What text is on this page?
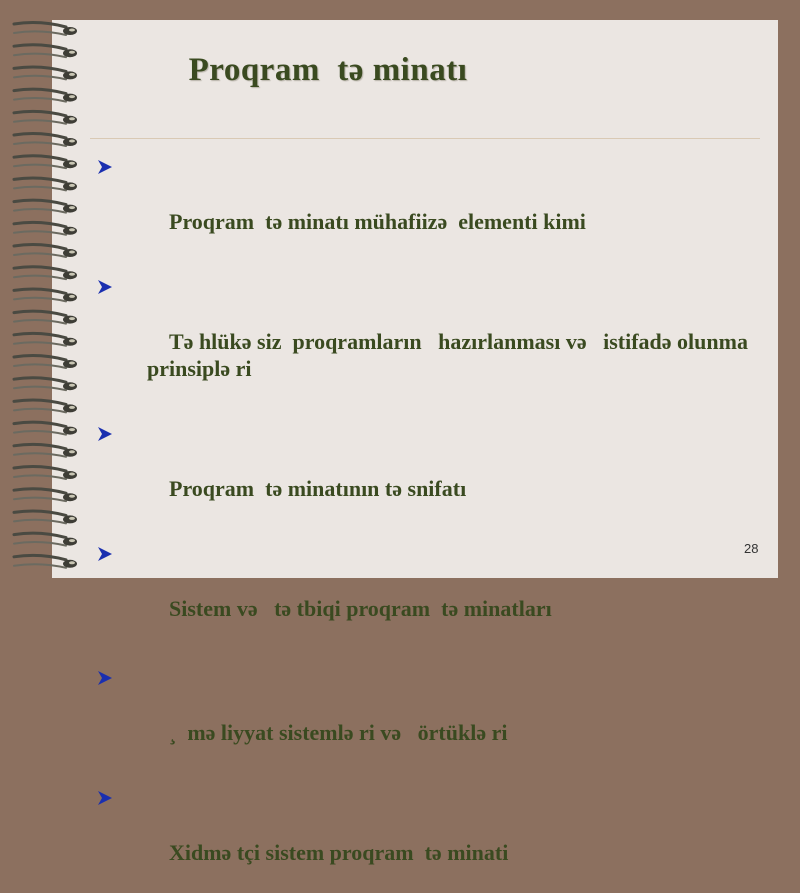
Proqram  tə minatı

Proqram  tə minatı mühafiizə  elementi kimi

Tə hlükə siz  proqramların   hazırlanması və   istifadə olunma prinsiplə ri

Proqram  tə minatının tə snifatı

Sistem və   tə tbiqi proqram  tə minatları

¸  mə liyyat sistemlə ri və   örtüklə ri

Xidmə tçi sistem proqram  tə minati

28
